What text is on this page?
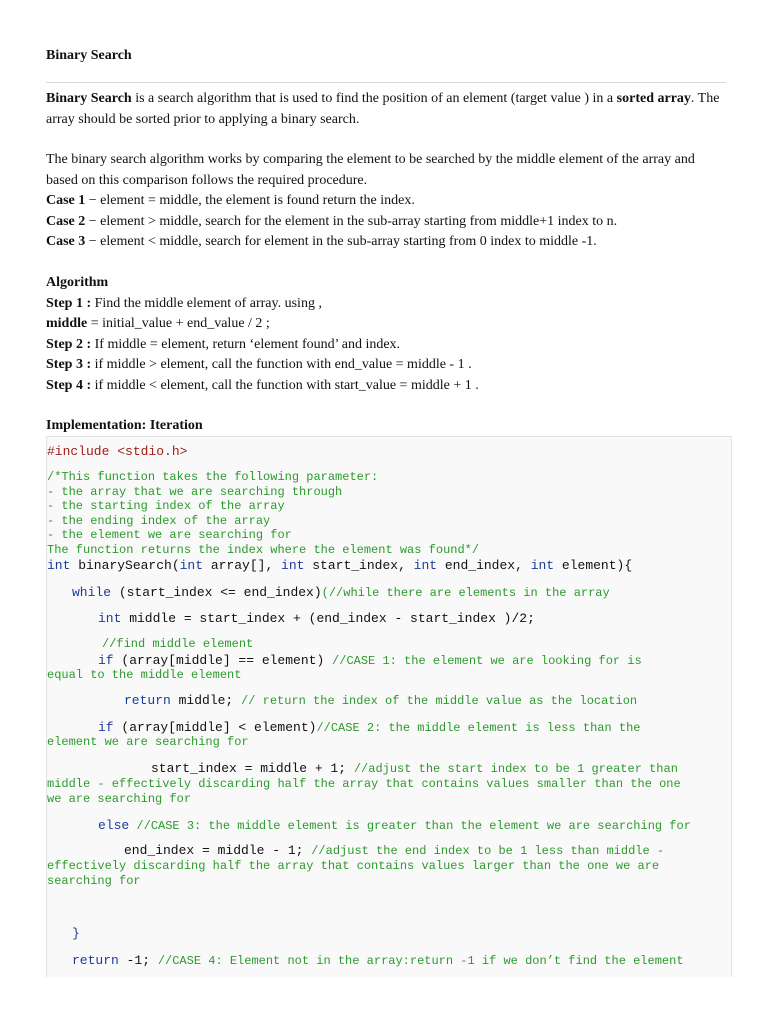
Binary Search

Binary Search is a search algorithm that is used to find the position of an element (target value ) in a sorted array. The array should be sorted prior to applying a binary search.

The binary search algorithm works by comparing the element to be searched by the middle element of the array and based on this comparison follows the required procedure.

Case 1 − element = middle, the element is found return the index.

Case 2 − element > middle, search for the element in the sub-array starting from middle+1 index to n.

Case 3 − element < middle, search for element in the sub-array starting from 0 index to middle -1.

Algorithm

Step 1 : Find the middle element of array. using ,

middle = initial_value + end_value / 2 ;

Step 2 : If middle = element, return ‘element found’ and index.

Step 3 : if middle > element, call the function with end_value = middle - 1 .

Step 4 : if middle < element, call the function with start_value = middle + 1 .

Implementation: Iteration

#include <stdio.h>
/*This function takes the following parameter:
- the array that we are searching through
- the starting index of the array
- the ending index of the array
- the element we are searching for
The function returns the index where the element was found*/
int binarySearch(int array[], int start_index, int end_index, int element){
while (start_index <= end_index)(//while there are elements in the array
int middle = start_index + (end_index - start_index )/2;
//find middle element
if (array[middle] == element) //CASE 1: the element we are looking for is
equal to the middle element
return middle; // return the index of the middle value as the location
if (array[middle] < element)//CASE 2: the middle element is less than the
element we are searching for
start_index = middle + 1; //adjust the start index to be 1 greater than
middle - effectively discarding half the array that contains values smaller than the one
we are searching for
else //CASE 3: the middle element is greater than the element we are searching for
end_index = middle - 1; //adjust the end index to be 1 less than middle -
effectively discarding half the array that contains values larger than the one we are
searching for
}
return -1; //CASE 4: Element not in the array:return -1 if we don’t find the element
